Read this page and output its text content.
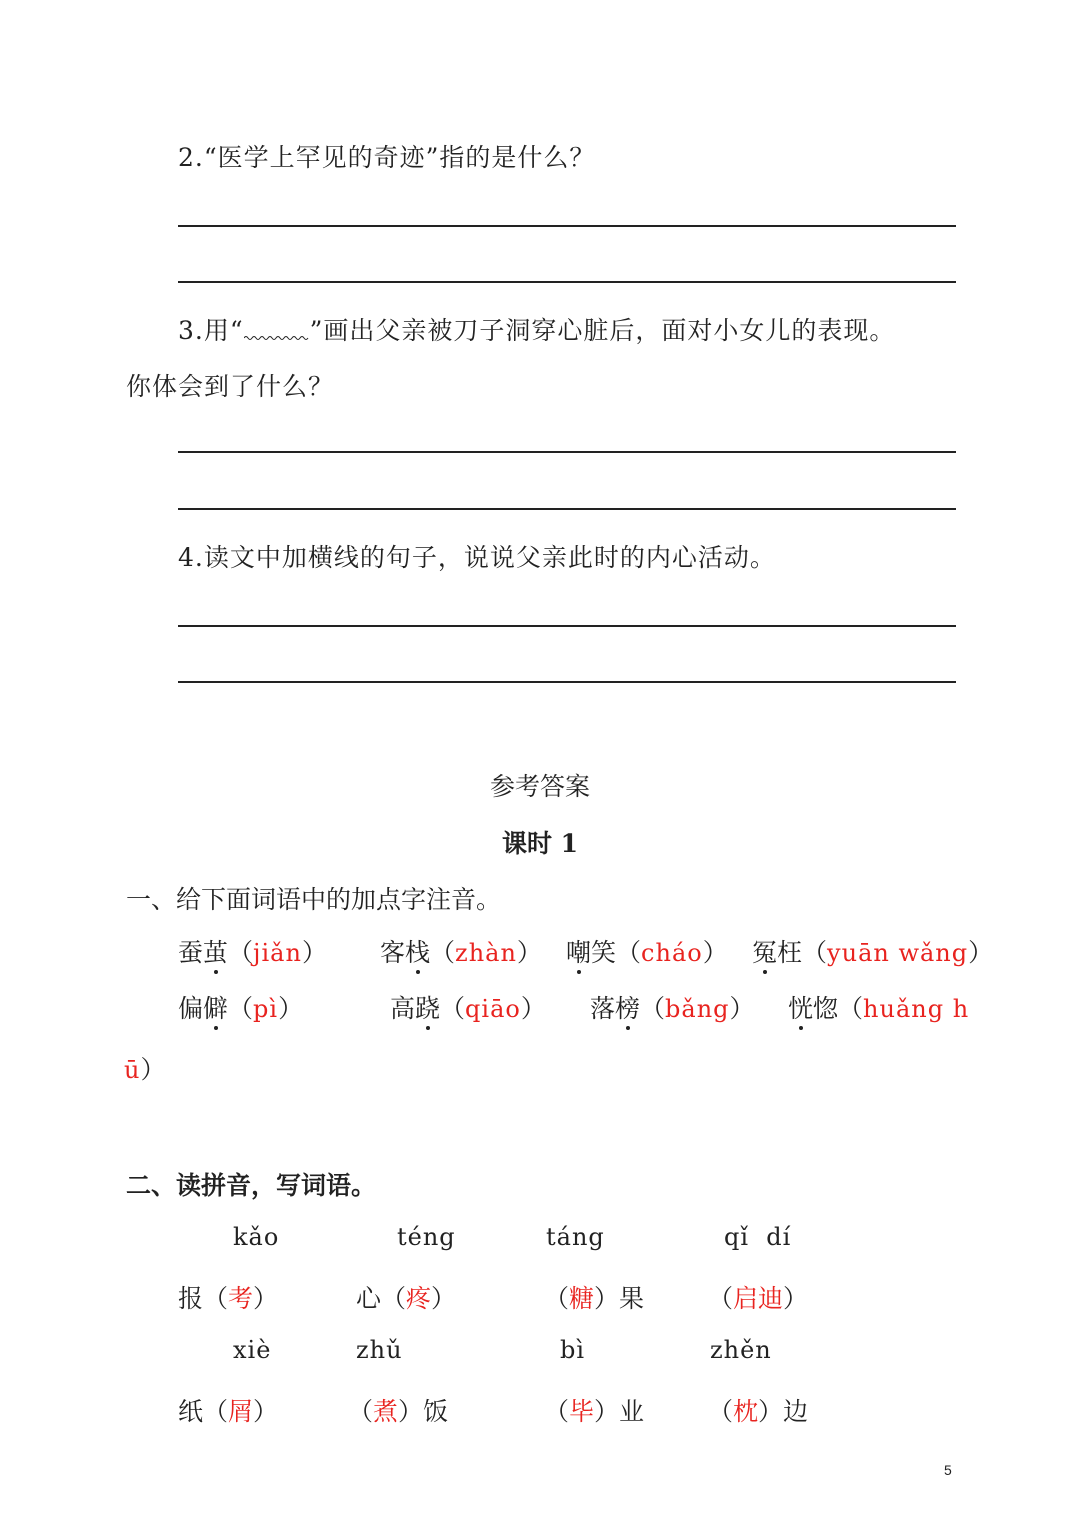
2.“医学上罕见的奇迹”指的是什么？
3.用“	”画出父亲被刀子洞穿心脏后，面对小女儿的表现。
你体会到了什么？
4.读文中加横线的句子，说说父亲此时的内心活动。
参考答案
课时 1
一、给下面词语中的加点字注音。
蚕茧（jiǎn） 客栈（zhàn） 嘲笑（cháo） 冤枉（yuān wǎng）
偏僻（pì）	高跷（qiāo） 落榜（bǎng） 恍惚（huǎng h
ū）
二、读拼音，写词语。
kǎo	téng	táng	qǐ  dí
报（考）	心（疼）	（糖）果	（启迪）
xiè	zhǔ	bì	zhěn
纸（屑）	（煮）饭	（毕）业	（枕）边
5
